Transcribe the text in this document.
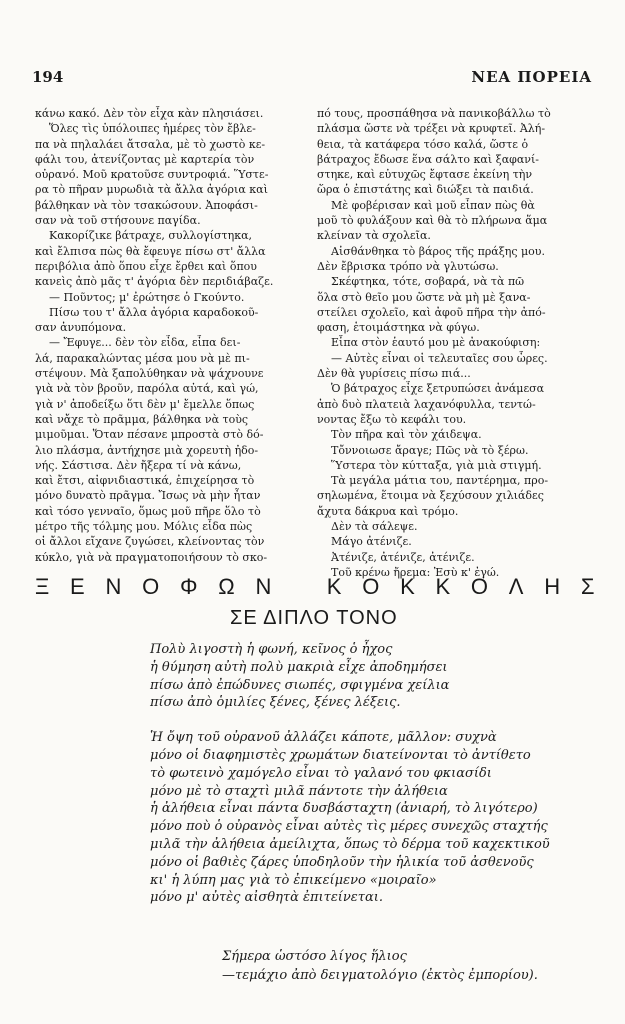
194	ΝΕΑ ΠΟΡΕΙΑ

κάνω κακό. Δὲν τὸν εἶχα κὰν πλησιάσει.

Ὅλες τὶς ὑπόλοιπες ἡμέρες τὸν ἔβλε-

πα νὰ πηλαλάει ἄτσαλα, μὲ τὸ χωστὸ κε-

φάλι του, ἀτενίζοντας μὲ καρτερία τὸν

οὐρανό. Μοῦ κρατοῦσε συντροφιά. Ὕστε-

ρα τὸ πῆραν μυρωδιὰ τὰ ἄλλα ἀγόρια καὶ

βάλθηκαν νὰ τὸν τσακώσουν. Ἀποφάσι-

σαν νὰ τοῦ στήσουνε παγίδα.

Κακορίζικε βάτραχε, συλλογίστηκα,

καὶ ἔλπισα πὼς θὰ ἔφευγε πίσω στ' ἄλλα

περιβόλια ἀπὸ ὅπου εἶχε ἔρθει καὶ ὅπου

κανεὶς ἀπὸ μᾶς τ' ἀγόρια δὲν περιδιάβαζε.

— Ποῦντος; μ' ἐρώτησε ὁ Γκούντο.

Πίσω του τ' ἄλλα ἀγόρια καραδοκοῦ-

σαν ἀνυπόμονα.

— Ἔφυγε... δὲν τὸν εἶδα, εἶπα δει-

λά, παρακαλώντας μέσα μου νὰ μὲ πι-

στέψουν. Μὰ ξαπολύθηκαν νὰ ψάχνουνε

γιὰ νὰ τὸν βροῦν, παρόλα αὐτά, καὶ γώ,

γιὰ ν' ἀποδείξω ὅτι δὲν μ' ἔμελλε ὅπως

καὶ νἄχε τὸ πρᾶμμα, βάλθηκα νὰ τοὺς

μιμοῦμαι. Ὅταν πέσανε μπροστὰ στὸ δό-

λιο πλάσμα, ἀντήχησε μιὰ χορευτὴ ἠδο-

νής. Σάστισα. Δὲν ἤξερα τί νὰ κάνω,

καὶ ἔτσι, αἰφνιδιαστικά, ἐπιχείρησα τὸ

μόνο δυνατὸ πρᾶγμα. Ἴσως νὰ μὴν ἦταν

καὶ τόσο γενναῖο, ὅμως μοῦ πῆρε ὅλο τὸ

μέτρο τῆς τόλμης μου. Μόλις εἶδα πὼς

οἱ ἄλλοι εἴχανε ζυγώσει, κλείνοντας τὸν

κύκλο, γιὰ νὰ πραγματοποιήσουν τὸ σκο-

πό τους, προσπάθησα νὰ πανικοβάλλω τὸ

πλάσμα ὥστε νὰ τρέξει νὰ κρυφτεῖ. Ἀλή-

θεια, τὰ κατάφερα τόσο καλά, ὥστε ὁ

βάτραχος ἔδωσε ἕνα σάλτο καὶ ξαφανί-

στηκε, καὶ εὐτυχῶς ἔφτασε ἐκείνη τὴν

ὥρα ὁ ἐπιστάτης καὶ διώξει τὰ παιδιά.

Μὲ φοβέρισαν καὶ μοῦ εἶπαν πὼς θὰ

μοῦ τὸ φυλάξουν καὶ θὰ τὸ πλήρωνα ἅμα

κλείναν τὰ σχολεῖα.

Αἰσθάνθηκα τὸ βάρος τῆς πράξης μου.

Δὲν ἔβρισκα τρόπο νὰ γλυτώσω.

Σκέφτηκα, τότε, σοβαρά, νὰ τὰ πῶ

ὅλα στὸ θεῖο μου ὥστε νὰ μὴ μὲ ξανα-

στείλει σχολεῖο, καὶ ἀφοῦ πῆρα τὴν ἀπό-

φαση, ἑτοιμάστηκα νὰ φύγω.

Εἶπα στὸν ἑαυτό μου μὲ ἀνακούφιση:

— Αὐτὲς εἶναι οἱ τελευταῖες σου ὧρες.

Δὲν θὰ γυρίσεις πίσω πιά...

Ὁ βάτραχος εἶχε ξετρυπώσει ἀνάμεσα

ἀπὸ δυὸ πλατειὰ λαχανόφυλλα, τεντώ-

νοντας ἔξω τὸ κεφάλι του.

Τὸν πῆρα καὶ τὸν χάιδεψα.

Τὄννοιωσε ἄραγε; Πῶς νὰ τὸ ξέρω.

Ὕστερα τὸν κύτταξα, γιὰ μιὰ στιγμή.

Τὰ μεγάλα μάτια του, παντέρημα, προ-

σηλωμένα, ἕτοιμα νὰ ξεχύσουν χιλιάδες

ἄχυτα δάκρυα καὶ τρόμο.

Δὲν τὰ σάλεψε.

Μάγο ἀτένιζε.

Ἀτένιζε, ἀτένιζε, ἀτένιζε.

Τοῦ κρένω ἤρεμα: Ἐσὺ κ' ἐγώ.

Ξ Ε Ν Ο Φ Ω Ν	Κ Ο Κ Κ Ο Λ Η Σ
ΣΕ ΔΙΠΛΟ ΤΟΝΟ

Πολὺ λιγοστὴ ἡ φωνή, κεῖνος ὁ ἦχος

ἡ θύμηση αὐτὴ πολὺ μακριὰ εἶχε ἀποδημήσει

πίσω ἀπὸ ἐπώδυνες σιωπές, σφιγμένα χείλια

πίσω ἀπὸ ὁμιλίες ξένες, ξένες λέξεις.

Ἡ ὄψη τοῦ οὐρανοῦ ἀλλάζει κάποτε, μᾶλλον: συχνὰ

μόνο οἱ διαφημιστὲς χρωμάτων διατείνονται τὸ ἀντίθετο

τὸ φωτεινὸ χαμόγελο εἶναι τὸ γαλανό του φκιασίδι

μόνο μὲ τὸ σταχτὶ μιλᾶ πάντοτε τὴν ἀλήθεια

ἡ ἀλήθεια εἶναι πάντα δυσβάσταχτη (ἀνιαρή, τὸ λιγότερο)

μόνο ποὺ ὁ οὐρανὸς εἶναι αὐτὲς τὶς μέρες συνεχῶς σταχτής

μιλᾶ τὴν ἀλήθεια ἀμείλιχτα, ὅπως τὸ δέρμα τοῦ καχεκτικοῦ

μόνο οἱ βαθιὲς ζάρες ὑποδηλοῦν τὴν ἡλικία τοῦ ἀσθενοῦς

κι' ἡ λύπη μας γιὰ τὸ ἐπικείμενο «μοιραῖο»

μόνο μ' αὐτὲς αἰσθητὰ ἐπιτείνεται.

Σήμερα ὡστόσο λίγος ἥλιος

—τεμάχιο ἀπὸ δειγματολόγιο (ἐκτὸς ἐμπορίου).
